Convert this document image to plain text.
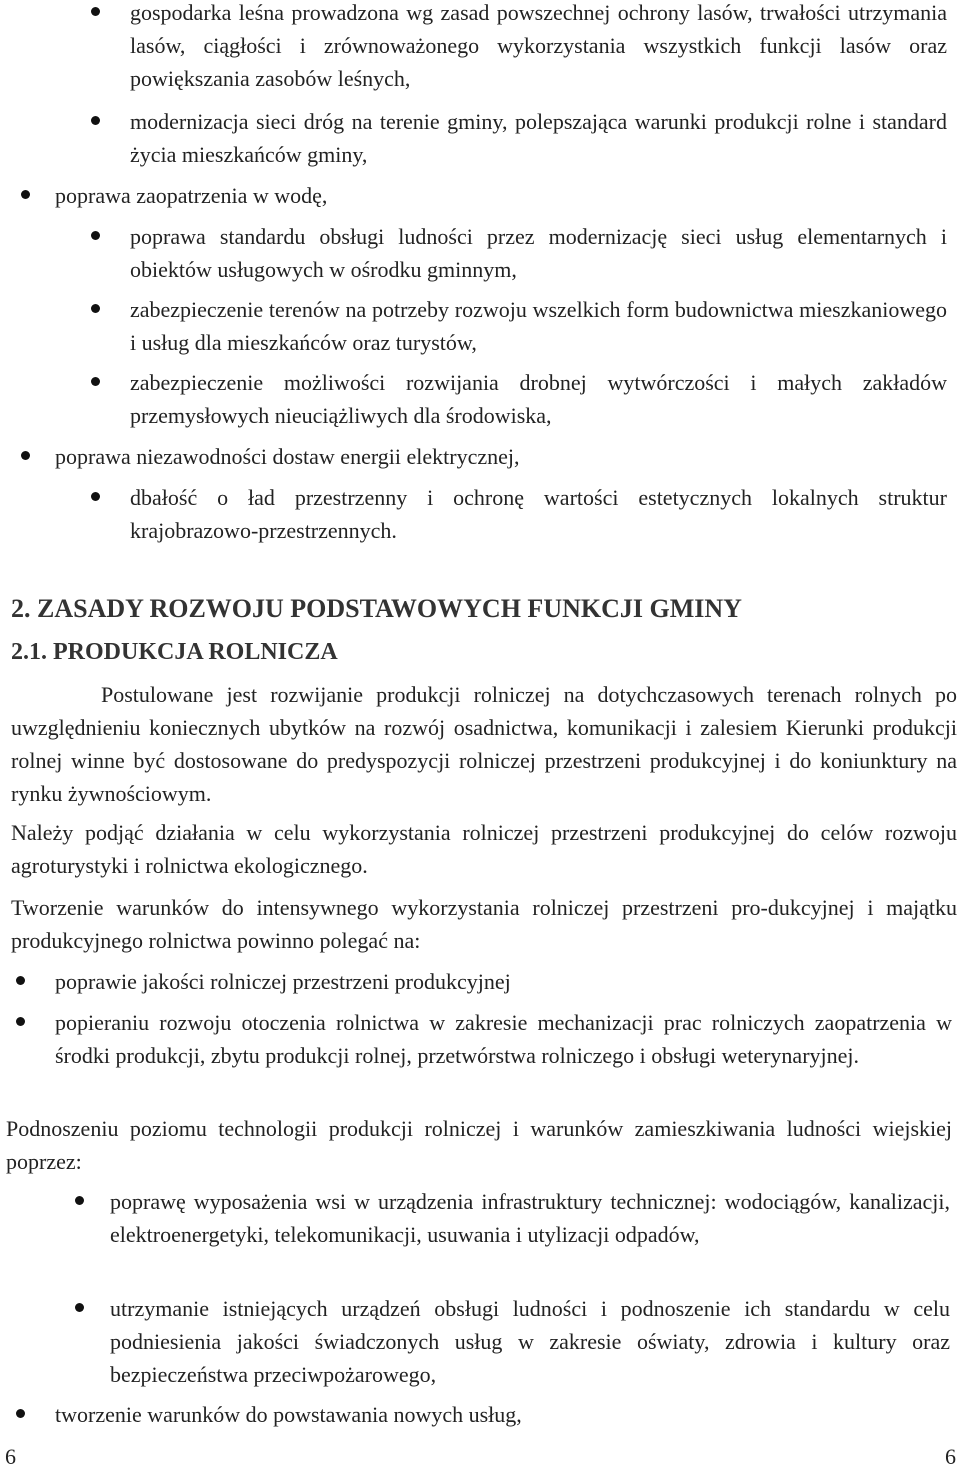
gospodarka leśna prowadzona wg zasad powszechnej ochrony lasów, trwałości utrzymania lasów, ciągłości i zrównoważonego wykorzystania wszystkich funkcji lasów oraz powiększania zasobów leśnych,
modernizacja sieci dróg na terenie gminy, polepszająca warunki produkcji rolne i standard życia mieszkańców gminy,
poprawa zaopatrzenia w wodę,
poprawa standardu obsługi ludności przez modernizację sieci usług elementarnych i obiektów usługowych w ośrodku gminnym,
zabezpieczenie terenów na potrzeby rozwoju wszelkich form budownictwa mieszkaniowego i usług dla mieszkańców oraz turystów,
zabezpieczenie możliwości rozwijania drobnej wytwórczości i małych zakładów przemysłowych nieuciążliwych dla środowiska,
poprawa niezawodności dostaw energii elektrycznej,
dbałość o ład przestrzenny i ochronę wartości estetycznych lokalnych struktur krajobrazowo-przestrzennych.
2. ZASADY ROZWOJU PODSTAWOWYCH FUNKCJI GMINY
2.1. PRODUKCJA ROLNICZA
Postulowane jest rozwijanie produkcji rolniczej na dotychczasowych terenach rolnych po uwzględnieniu koniecznych ubytków na rozwój osadnictwa, komunikacji i zalesiem Kierunki produkcji rolnej winne być dostosowane do predyspozycji rolniczej przestrzeni produkcyjnej i do koniunktury na rynku żywnościowym.
Należy podjąć działania w celu wykorzystania rolniczej przestrzeni produkcyjnej do celów rozwoju agroturystyki i rolnictwa ekologicznego.
Tworzenie warunków do intensywnego wykorzystania rolniczej przestrzeni pro-dukcyjnej i majątku produkcyjnego rolnictwa powinno polegać na:
poprawie jakości rolniczej przestrzeni produkcyjnej
popieraniu rozwoju otoczenia rolnictwa w zakresie mechanizacji prac rolniczych zaopatrzenia w środki produkcji, zbytu produkcji rolnej, przetwórstwa rolniczego i obsługi weterynaryjnej.
Podnoszeniu poziomu technologii produkcji rolniczej i warunków zamieszkiwania ludności wiejskiej poprzez:
poprawę wyposażenia wsi w urządzenia infrastruktury technicznej: wodociągów, kanalizacji, elektroenergetyki, telekomunikacji, usuwania i utylizacji odpadów,
utrzymanie istniejących urządzeń obsługi ludności i podnoszenie ich standardu w celu podniesienia jakości świadczonych usług w zakresie oświaty, zdrowia i kultury oraz bezpieczeństwa przeciwpożarowego,
tworzenie warunków do powstawania nowych usług,
6	6
